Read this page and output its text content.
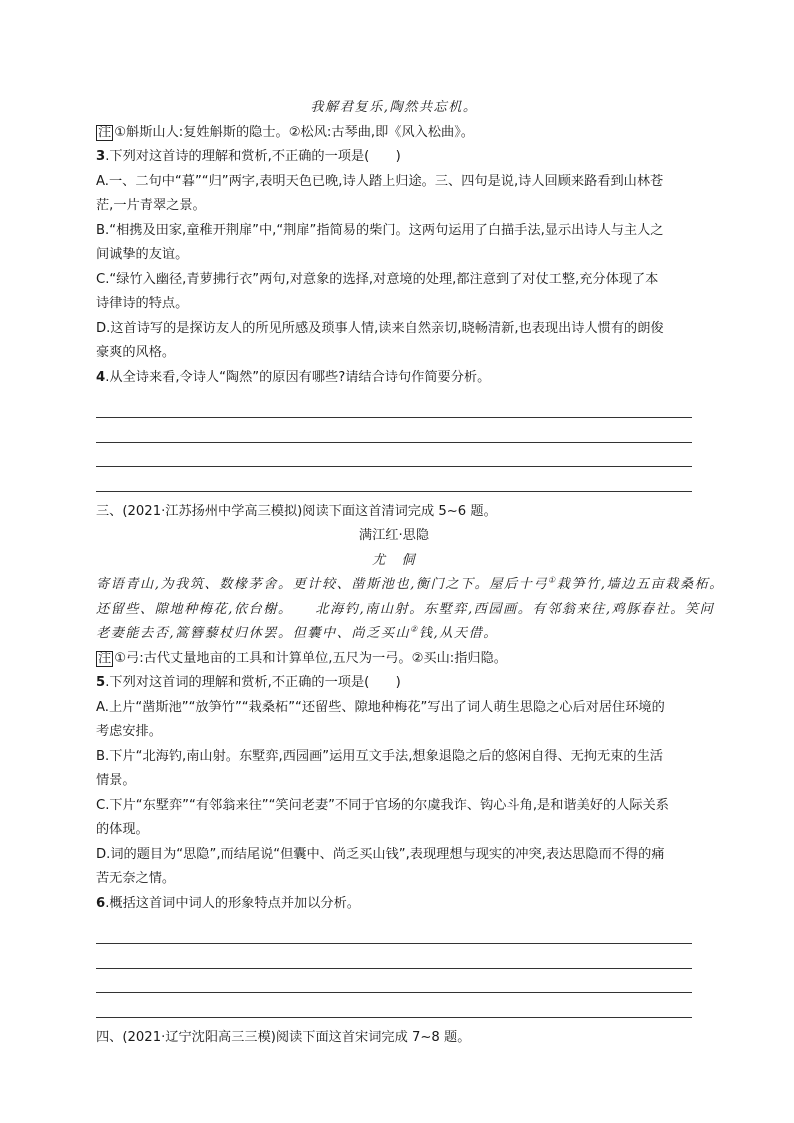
我解君复乐,陶然共忘机。
注 ①斛斯山人:复姓斛斯的隐士。②松风:古琴曲,即《风入松曲》。
3.下列对这首诗的理解和赏析,不正确的一项是(　　)
A.一、二句中“暮”“归”两字,表明天色已晚,诗人踏上归途。三、四句是说,诗人回顾来路看到山林苍
茫,一片青翠之景。
B.“相携及田家,童稚开荆扉”中,“荆扉”指简易的柴门。这两句运用了白描手法,显示出诗人与主人之
间诚挚的友谊。
C.“绿竹入幽径,青萝拂行衣”两句,对意象的选择,对意境的处理,都注意到了对仗工整,充分体现了本
诗律诗的特点。
D.这首诗写的是探访友人的所见所感及琐事人情,读来自然亲切,晓畅清新,也表现出诗人惯有的朗俊
豪爽的风格。
4.从全诗来看,令诗人“陶然”的原因有哪些?请结合诗句作简要分析。
三、(2021·江苏扬州中学高三模拟)阅读下面这首清词完成 5~6 题。
满江红·思隐
尤　侗
寄语青山,为我筑、数椽茅舍。更计较、凿斯池也,衡门之下。屋后十弓①栽笋竹,墙边五亩栽桑柘。
还留些、隙地种梅花,依台榭。　　北海钓,南山射。东墅弈,西园画。有邻翁来往,鸡豚春社。笑问
老妻能去否,篙簪藜杖归休罢。但囊中、尚乏买山②钱,从天借。
注 ①弓:古代丈量地亩的工具和计算单位,五尺为一弓。②买山:指归隐。
5.下列对这首词的理解和赏析,不正确的一项是(　　)
A.上片“凿斯池”“放笋竹”“栽桑柘”“还留些、隙地种梅花”写出了词人萌生思隐之心后对居住环境的
考虑安排。
B.下片“北海钓,南山射。东墅弈,西园画”运用互文手法,想象退隐之后的悠闲自得、无拘无束的生活
情景。
C.下片“东墅弈”“有邻翁来往”“笑问老妻”不同于官场的尔虞我诈、钩心斗角,是和谐美好的人际关系
的体现。
D.词的题目为“思隐”,而结尾说“但囊中、尚乏买山钱”,表现理想与现实的冲突,表达思隐而不得的痛
苦无奈之情。
6.概括这首词中词人的形象特点并加以分析。
四、(2021·辽宁沈阳高三三模)阅读下面这首宋词完成 7~8 题。
